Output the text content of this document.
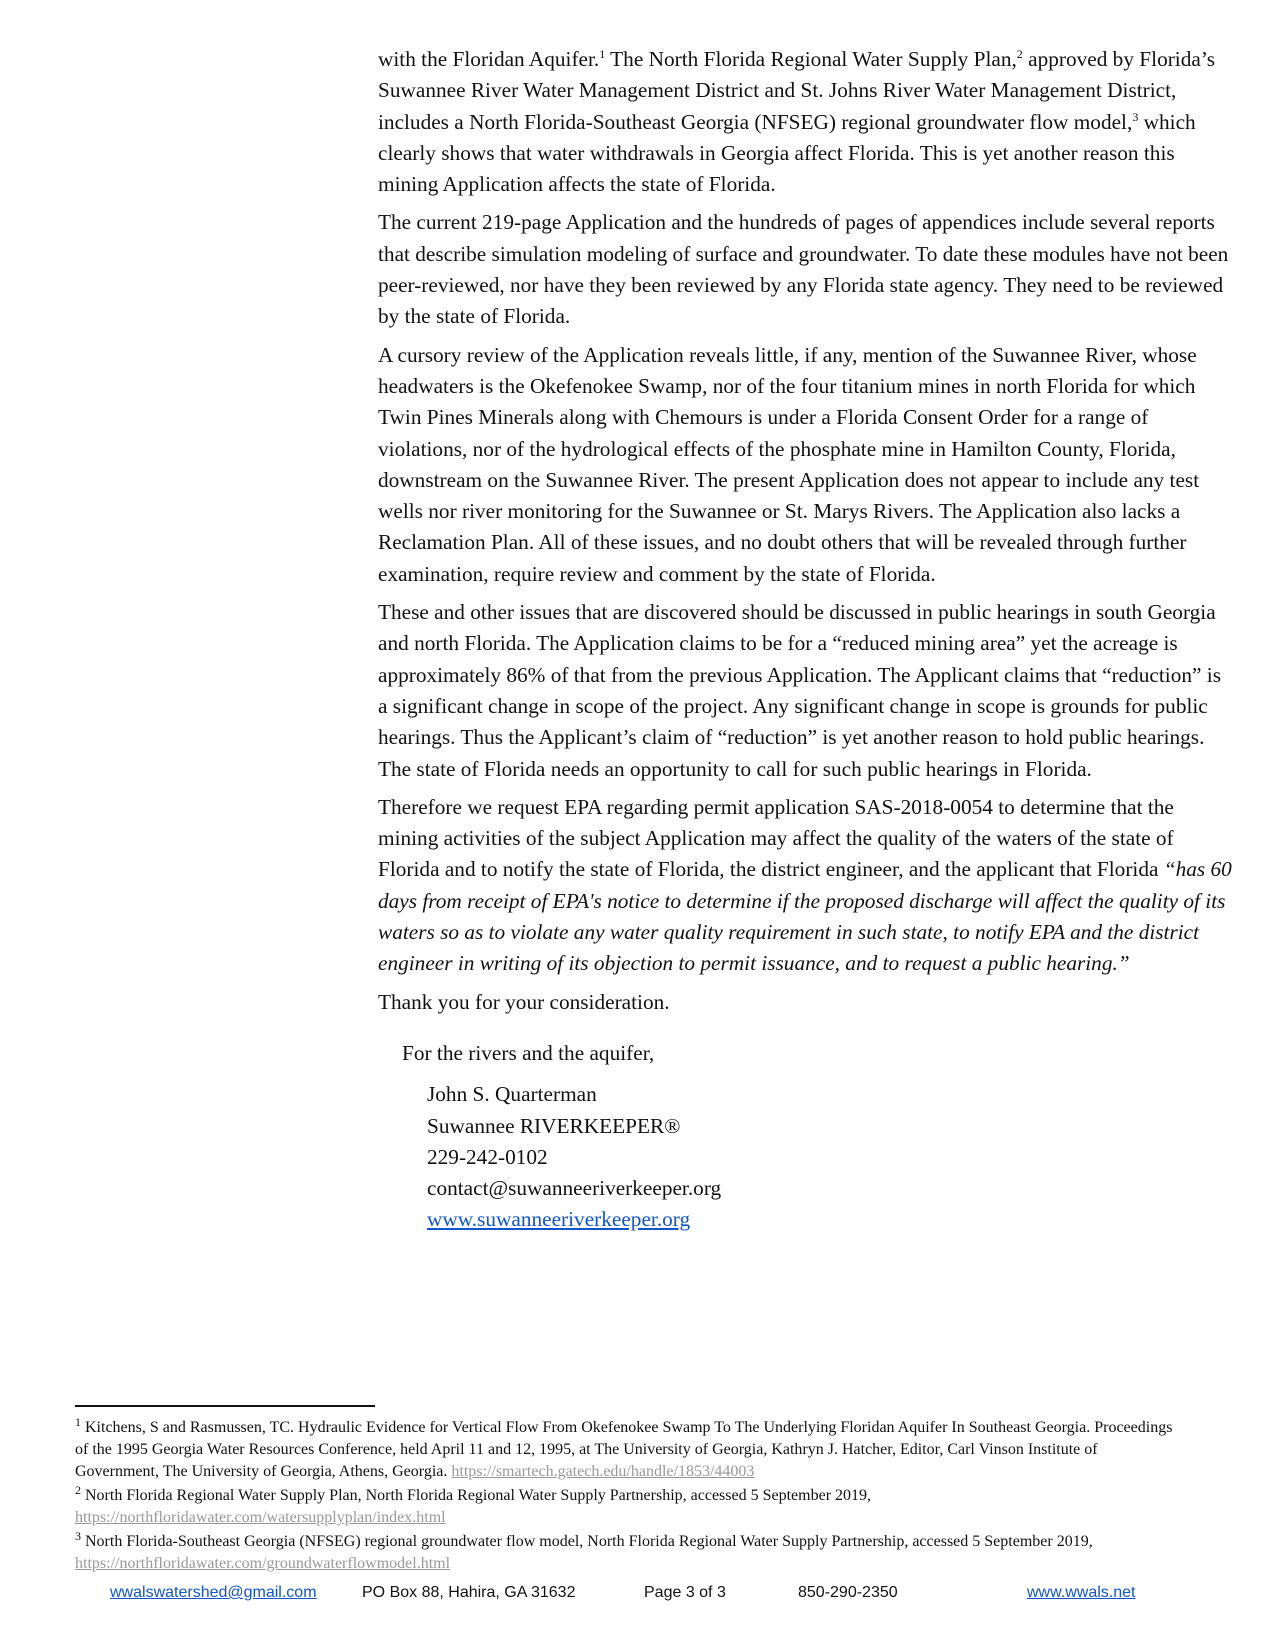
with the Floridan Aquifer.$^1$ The North Florida Regional Water Supply Plan,$^2$ approved by Florida’s Suwannee River Water Management District and St. Johns River Water Management District, includes a North Florida-Southeast Georgia (NFSEG) regional groundwater flow model,$^3$ which clearly shows that water withdrawals in Georgia affect Florida. This is yet another reason this mining Application affects the state of Florida.

The current 219-page Application and the hundreds of pages of appendices include several reports that describe simulation modeling of surface and groundwater. To date these modules have not been peer-reviewed, nor have they been reviewed by any Florida state agency. They need to be reviewed by the state of Florida.

A cursory review of the Application reveals little, if any, mention of the Suwannee River, whose headwaters is the Okefenokee Swamp, nor of the four titanium mines in north Florida for which Twin Pines Minerals along with Chemours is under a Florida Consent Order for a range of violations, nor of the hydrological effects of the phosphate mine in Hamilton County, Florida, downstream on the Suwannee River. The present Application does not appear to include any test wells nor river monitoring for the Suwannee or St. Marys Rivers. The Application also lacks a Reclamation Plan. All of these issues, and no doubt others that will be revealed through further examination, require review and comment by the state of Florida.

These and other issues that are discovered should be discussed in public hearings in south Georgia and north Florida. The Application claims to be for a “reduced mining area” yet the acreage is approximately 86% of that from the previous Application. The Applicant claims that “reduction” is a significant change in scope of the project. Any significant change in scope is grounds for public hearings. Thus the Applicant’s claim of “reduction” is yet another reason to hold public hearings. The state of Florida needs an opportunity to call for such public hearings in Florida.

Therefore we request EPA regarding permit application SAS-2018-0054 to determine that the mining activities of the subject Application may affect the quality of the waters of the state of Florida and to notify the state of Florida, the district engineer, and the applicant that Florida “has 60 days from receipt of EPA's notice to determine if the proposed discharge will affect the quality of its waters so as to violate any water quality requirement in such state, to notify EPA and the district engineer in writing of its objection to permit issuance, and to request a public hearing.”

Thank you for your consideration.

For the rivers and the aquifer,
John S. Quarterman
Suwannee RIVERKEEPER®
229-242-0102
contact@suwanneeriverkeeper.org
www.suwanneeriverkeeper.org

$^1$ Kitchens, S and Rasmussen, TC. Hydraulic Evidence for Vertical Flow From Okefenokee Swamp To The Underlying Floridan Aquifer In Southeast Georgia. Proceedings of the 1995 Georgia Water Resources Conference, held April 11 and 12, 1995, at The University of Georgia, Kathryn J. Hatcher, Editor, Carl Vinson Institute of Government, The University of Georgia, Athens, Georgia. https://smartech.gatech.edu/handle/1853/44003

$^2$ North Florida Regional Water Supply Plan, North Florida Regional Water Supply Partnership, accessed 5 September 2019, https://northfloridawater.com/watersupplyplan/index.html

$^3$ North Florida-Southeast Georgia (NFSEG) regional groundwater flow model, North Florida Regional Water Supply Partnership, accessed 5 September 2019, https://northfloridawater.com/groundwaterflowmodel.html

wwalswatershed@gmail.com	PO Box 88, Hahira, GA 31632	Page 3 of 3	850-290-2350	www.wwals.net
